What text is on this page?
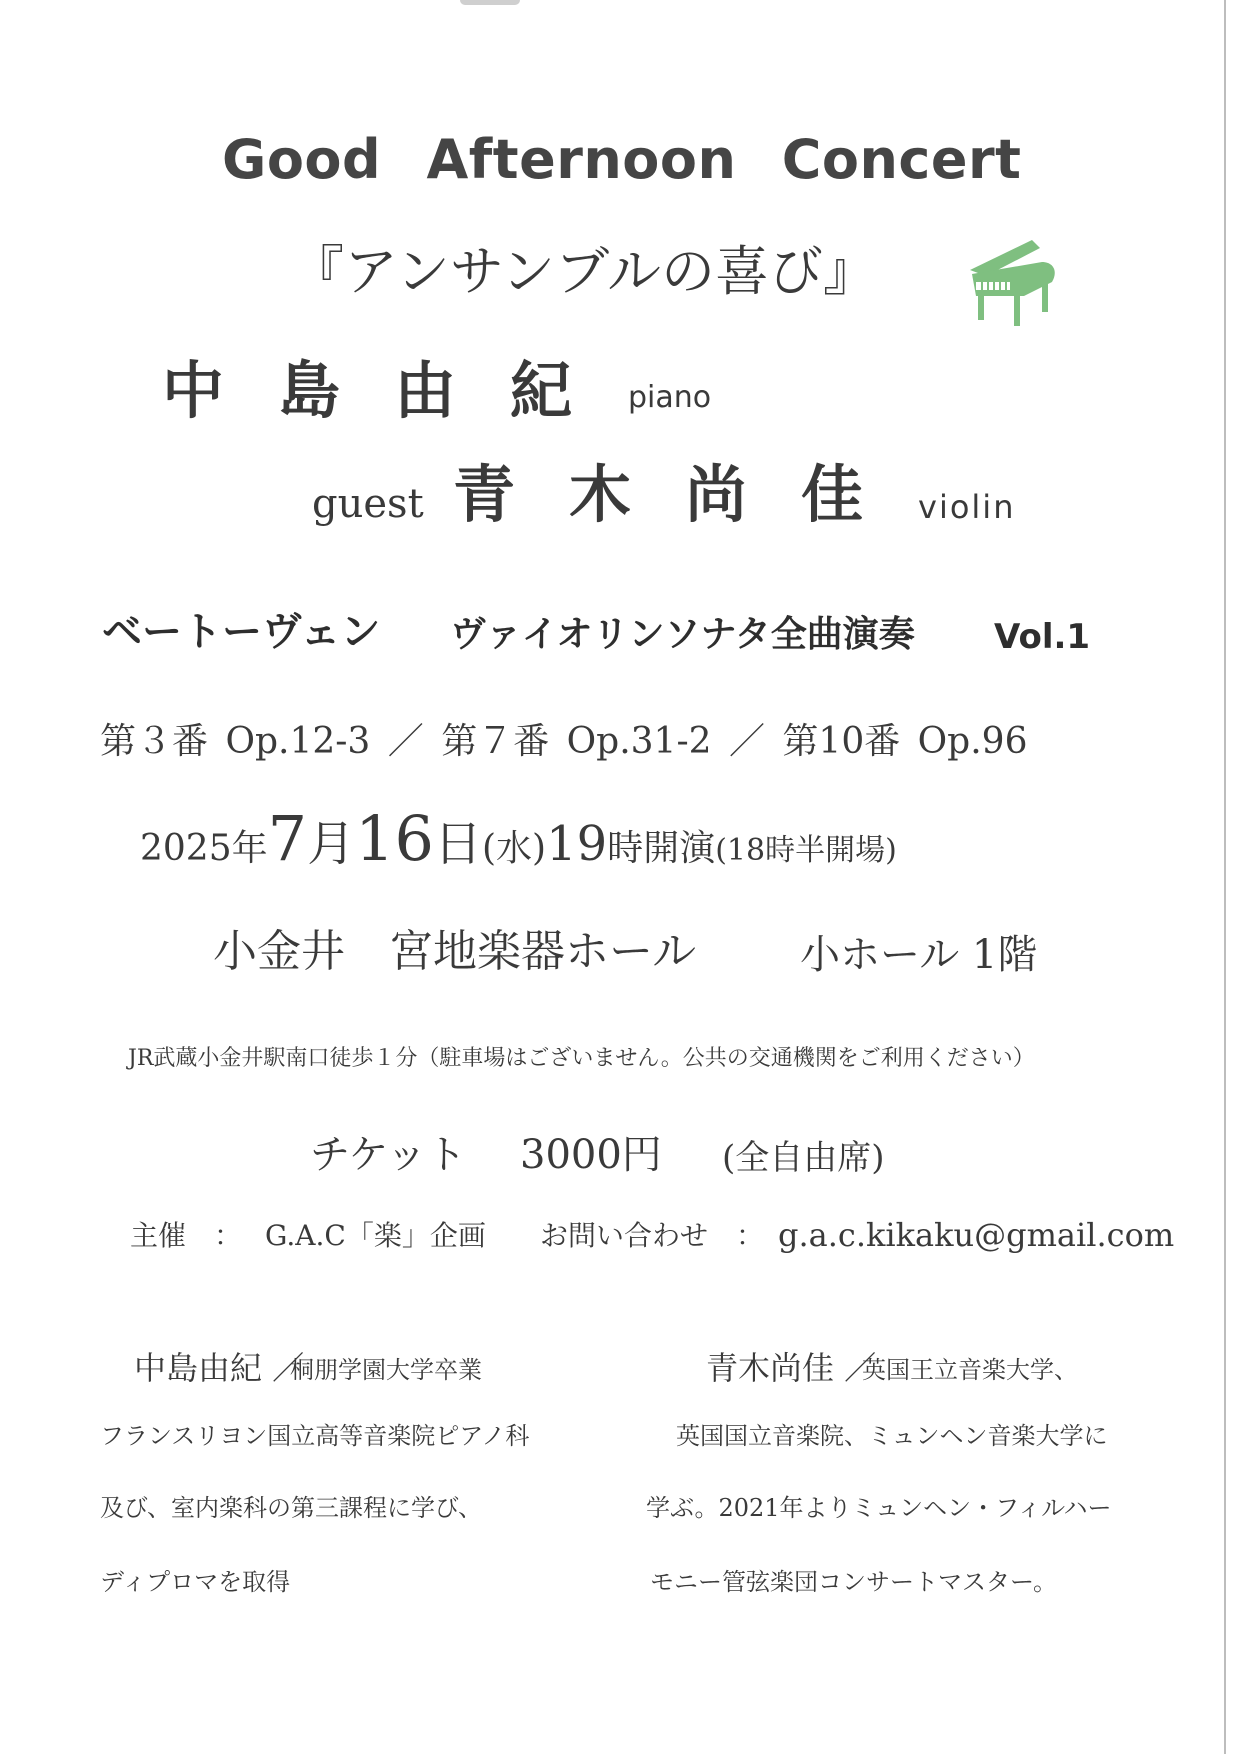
Good Afternoon Concert
『アンサンブルの喜び』
中島由紀 piano
guest 青木尚佳 violin
ベートーヴェン ヴァイオリンソナタ全曲演奏 Vol.1
第３番 Op.12-3 ／ 第７番 Op.31-2 ／ 第10番 Op.96
2025年7月16日(水)19時開演(18時半開場)
小金井　宮地楽器ホール	小ホール 1階
JR武蔵小金井駅南口徒歩１分（駐車場はございません。公共の交通機関をご利用ください）
チケット 3000円 (全自由席)
主催　： G.A.C「楽」企画 お問い合わせ　： g.a.c.kikaku@gmail.com
中島由紀 ／
桐朋学園大学卒業
フランスリヨン国立高等音楽院ピアノ科
及び、室内楽科の第三課程に学び、
ディプロマを取得
青木尚佳 ／
英国王立音楽大学、
英国国立音楽院、ミュンヘン音楽大学に
学ぶ。2021年よりミュンヘン・フィルハー
モニー管弦楽団コンサートマスター。
